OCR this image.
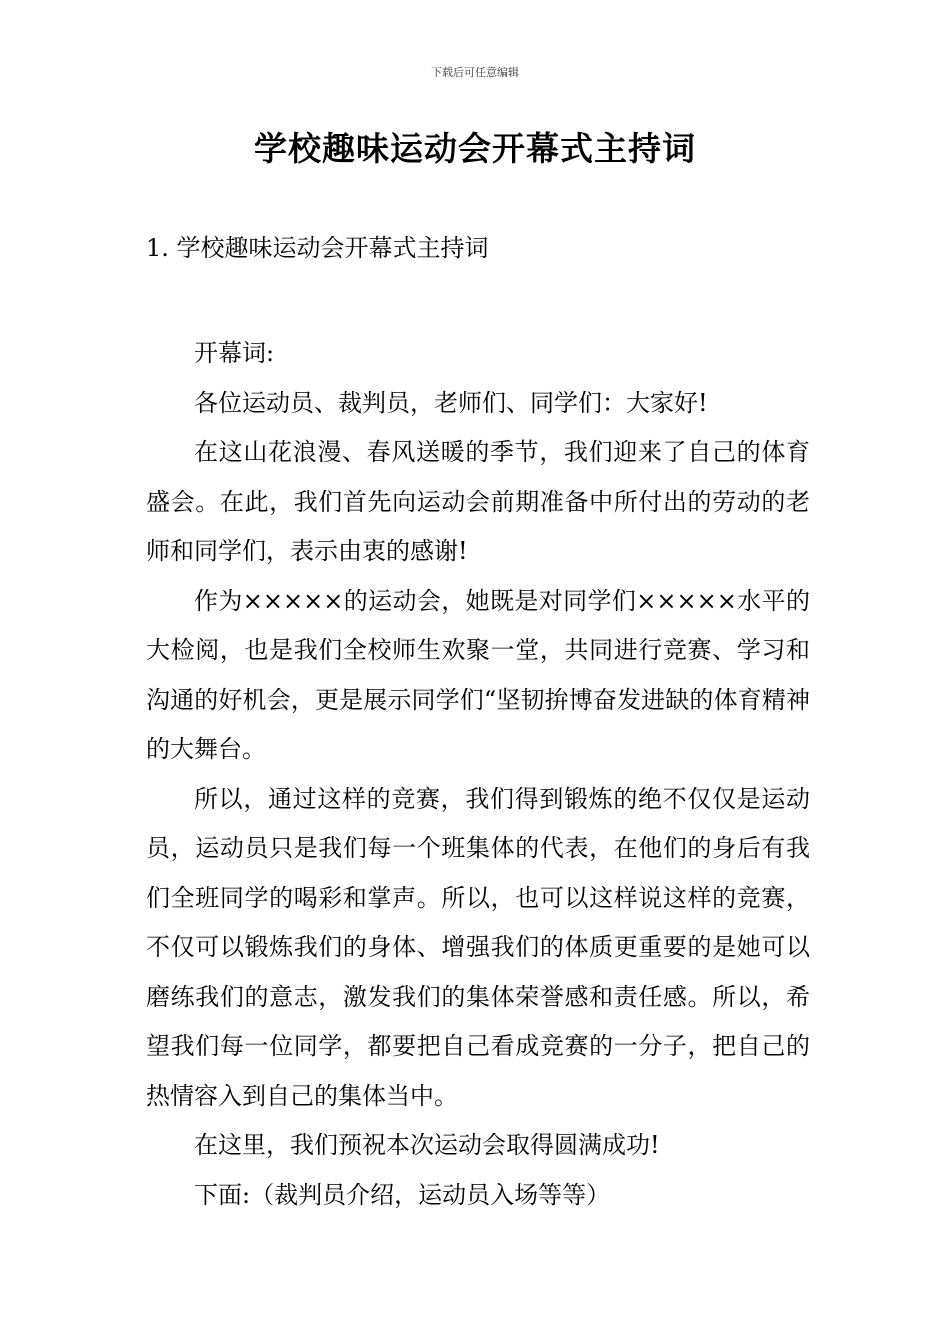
下载后可任意编辑
学校趣味运动会开幕式主持词
1. 学校趣味运动会开幕式主持词

开幕词:

各位运动员、裁判员，老师们、同学们：大家好!

在这山花浪漫、春风送暖的季节，我们迎来了自己的体育盛会。在此，我们首先向运动会前期准备中所付出的劳动的老师和同学们，表示由衷的感谢!

作为×××××的运动会，她既是对同学们×××××水平的大检阅，也是我们全校师生欢聚一堂，共同进行竞赛、学习和沟通的好机会，更是展示同学们“坚韧拚博奋发进缺的体育精神的大舞台。

所以，通过这样的竞赛，我们得到锻炼的绝不仅仅是运动员，运动员只是我们每一个班集体的代表，在他们的身后有我们全班同学的喝彩和掌声。所以，也可以这样说这样的竞赛，不仅可以锻炼我们的身体、增强我们的体质更重要的是她可以磨练我们的意志，激发我们的集体荣誉感和责任感。所以，希望我们每一位同学，都要把自己看成竞赛的一分子，把自己的热情容入到自己的集体当中。

在这里，我们预祝本次运动会取得圆满成功!

下面:（裁判员介绍，运动员入场等等）
